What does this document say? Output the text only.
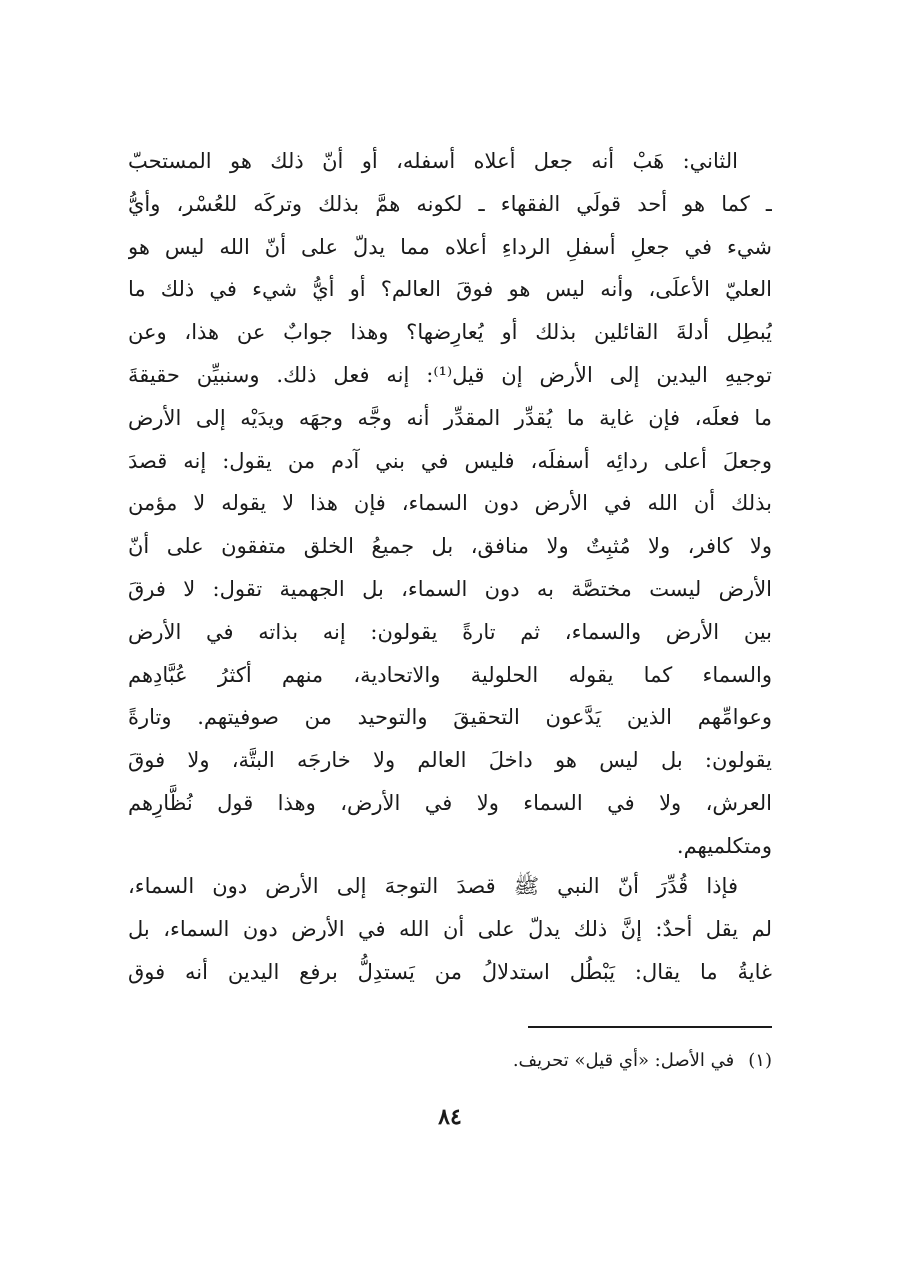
الثاني: هَبْ أنه جعل أعلاه أسفله، أو أنّ ذلك هو المستحبّ
ـ كما هو أحد قولَي الفقهاء ـ لكونه همَّ بذلك وتركَه للعُسْر، وأيُّ
شيء في جعلِ أسفلِ الرداءِ أعلاه مما يدلّ على أنّ الله ليس هو
العليّ الأعلَى، وأنه ليس هو فوقَ العالم؟ أو أيُّ شيء في ذلك ما
يُبطِل أدلةَ القائلين بذلك أو يُعارِضها؟ وهذا جوابٌ عن هذا، وعن
توجيهِ اليدين إلى الأرض إن قيل⁽¹⁾: إنه فعل ذلك. وسنبيِّن حقيقةَ
ما فعلَه، فإن غاية ما يُقدِّر المقدِّر أنه وجَّه وجهَه ويدَيْه إلى الأرض
وجعلَ أعلى ردائِه أسفلَه، فليس في بني آدم من يقول: إنه قصدَ
بذلك أن الله في الأرض دون السماء، فإن هذا لا يقوله لا مؤمن
ولا كافر، ولا مُثبِتٌ ولا منافق، بل جميعُ الخلق متفقون على أنّ
الأرض ليست مختصَّة به دون السماء، بل الجهمية تقول: لا فرقَ
بين الأرض والسماء، ثم تارةً يقولون: إنه بذاته في الأرض
والسماء كما يقوله الحلولية والاتحادية، منهم أكثرُ عُبَّادِهم
وعوامِّهم الذين يَدَّعون التحقيقَ والتوحيد من صوفيتهم. وتارةً
يقولون: بل ليس هو داخلَ العالم ولا خارجَه البتَّة، ولا فوقَ
العرش، ولا في السماء ولا في الأرض، وهذا قول نُظَّارِهم
ومتكلميهم.
فإذا قُدِّرَ أنّ النبي ﷺ قصدَ التوجهَ إلى الأرض دون السماء،
لم يقل أحدٌ: إنَّ ذلك يدلّ على أن الله في الأرض دون السماء، بل
غايةُ ما يقال: يَبْطُل استدلالُ من يَستدِلُّ برفع اليدين أنه فوق
(١)في الأصل: «أي قيل» تحريف.
٨٤
